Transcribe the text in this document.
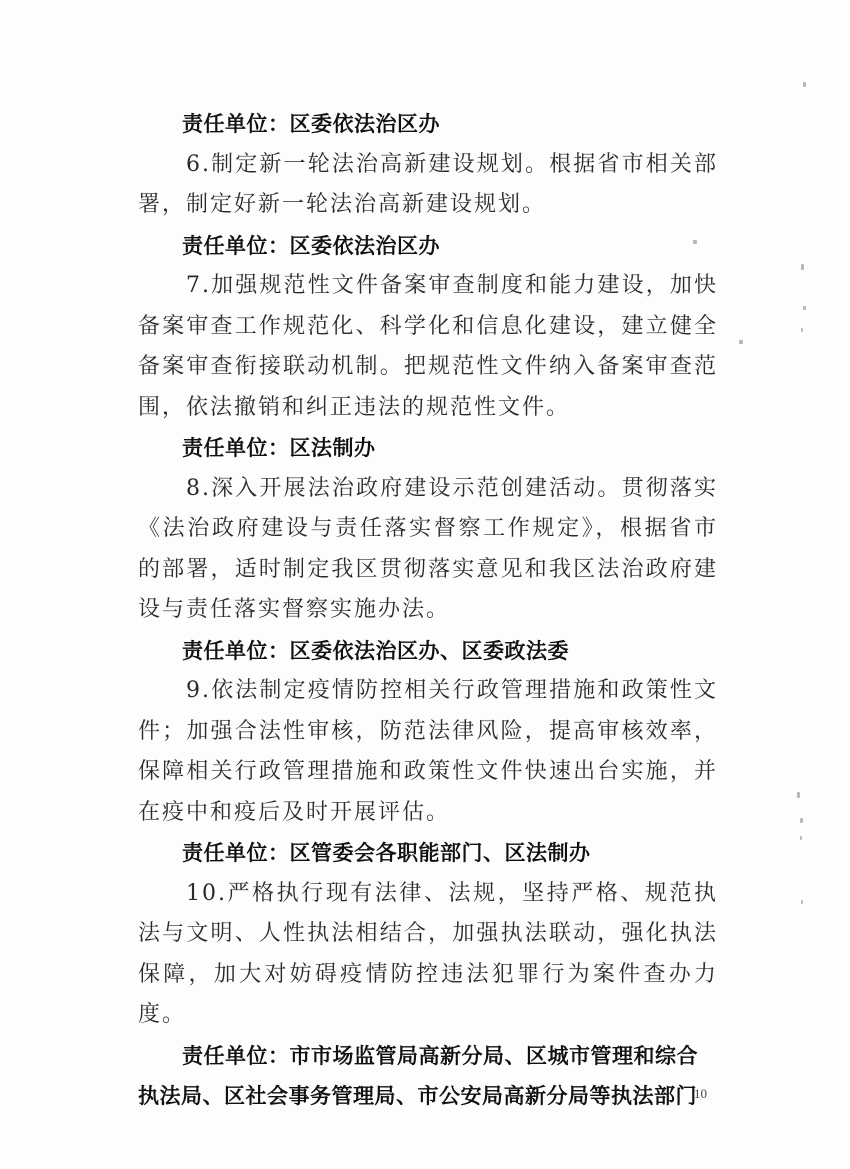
责任单位：区委依法治区办

6.制定新一轮法治高新建设规划。根据省市相关部署，制定好新一轮法治高新建设规划。

责任单位：区委依法治区办

7.加强规范性文件备案审查制度和能力建设，加快备案审查工作规范化、科学化和信息化建设，建立健全备案审查衔接联动机制。把规范性文件纳入备案审查范围，依法撤销和纠正违法的规范性文件。

责任单位：区法制办

8.深入开展法治政府建设示范创建活动。贯彻落实《法治政府建设与责任落实督察工作规定》，根据省市的部署，适时制定我区贯彻落实意见和我区法治政府建设与责任落实督察实施办法。

责任单位：区委依法治区办、区委政法委

9.依法制定疫情防控相关行政管理措施和政策性文件；加强合法性审核，防范法律风险，提高审核效率，保障相关行政管理措施和政策性文件快速出台实施，并在疫中和疫后及时开展评估。

责任单位：区管委会各职能部门、区法制办

10.严格执行现有法律、法规，坚持严格、规范执法与文明、人性执法相结合，加强执法联动，强化执法保障，加大对妨碍疫情防控违法犯罪行为案件查办力度。

责任单位：市市场监管局高新分局、区城市管理和综合执法局、区社会事务管理局、市公安局高新分局等执法部门

10
